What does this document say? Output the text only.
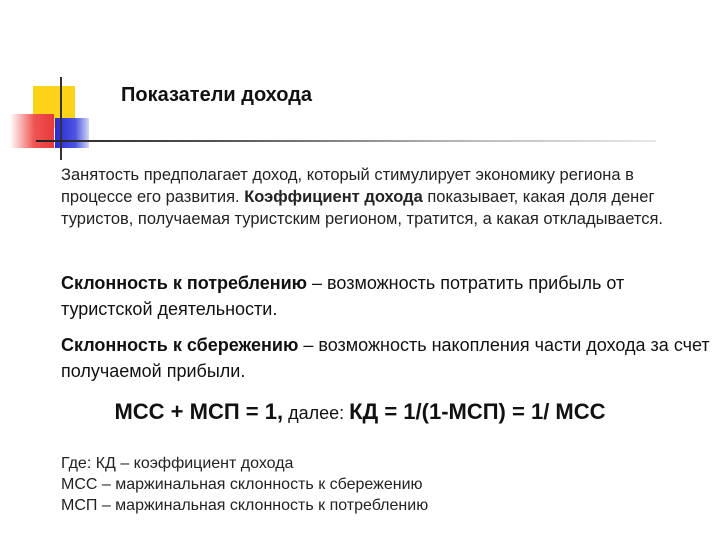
Показатели дохода
Занятость предполагает доход, который стимулирует экономику региона в процессе его развития. Коэффициент дохода показывает, какая доля денег туристов, получаемая туристским регионом, тратится, а какая откладывается.
Склонность к потреблению – возможность потратить прибыль от туристской деятельности.
Склонность к сбережению – возможность накопления части дохода за счет получаемой прибыли.
МСС + МСП = 1, далее: КД = 1/(1-МСП) = 1/ МСС
Где: КД – коэффициент дохода
МСС – маржинальная склонность к сбережению
МСП – маржинальная склонность к потреблению
